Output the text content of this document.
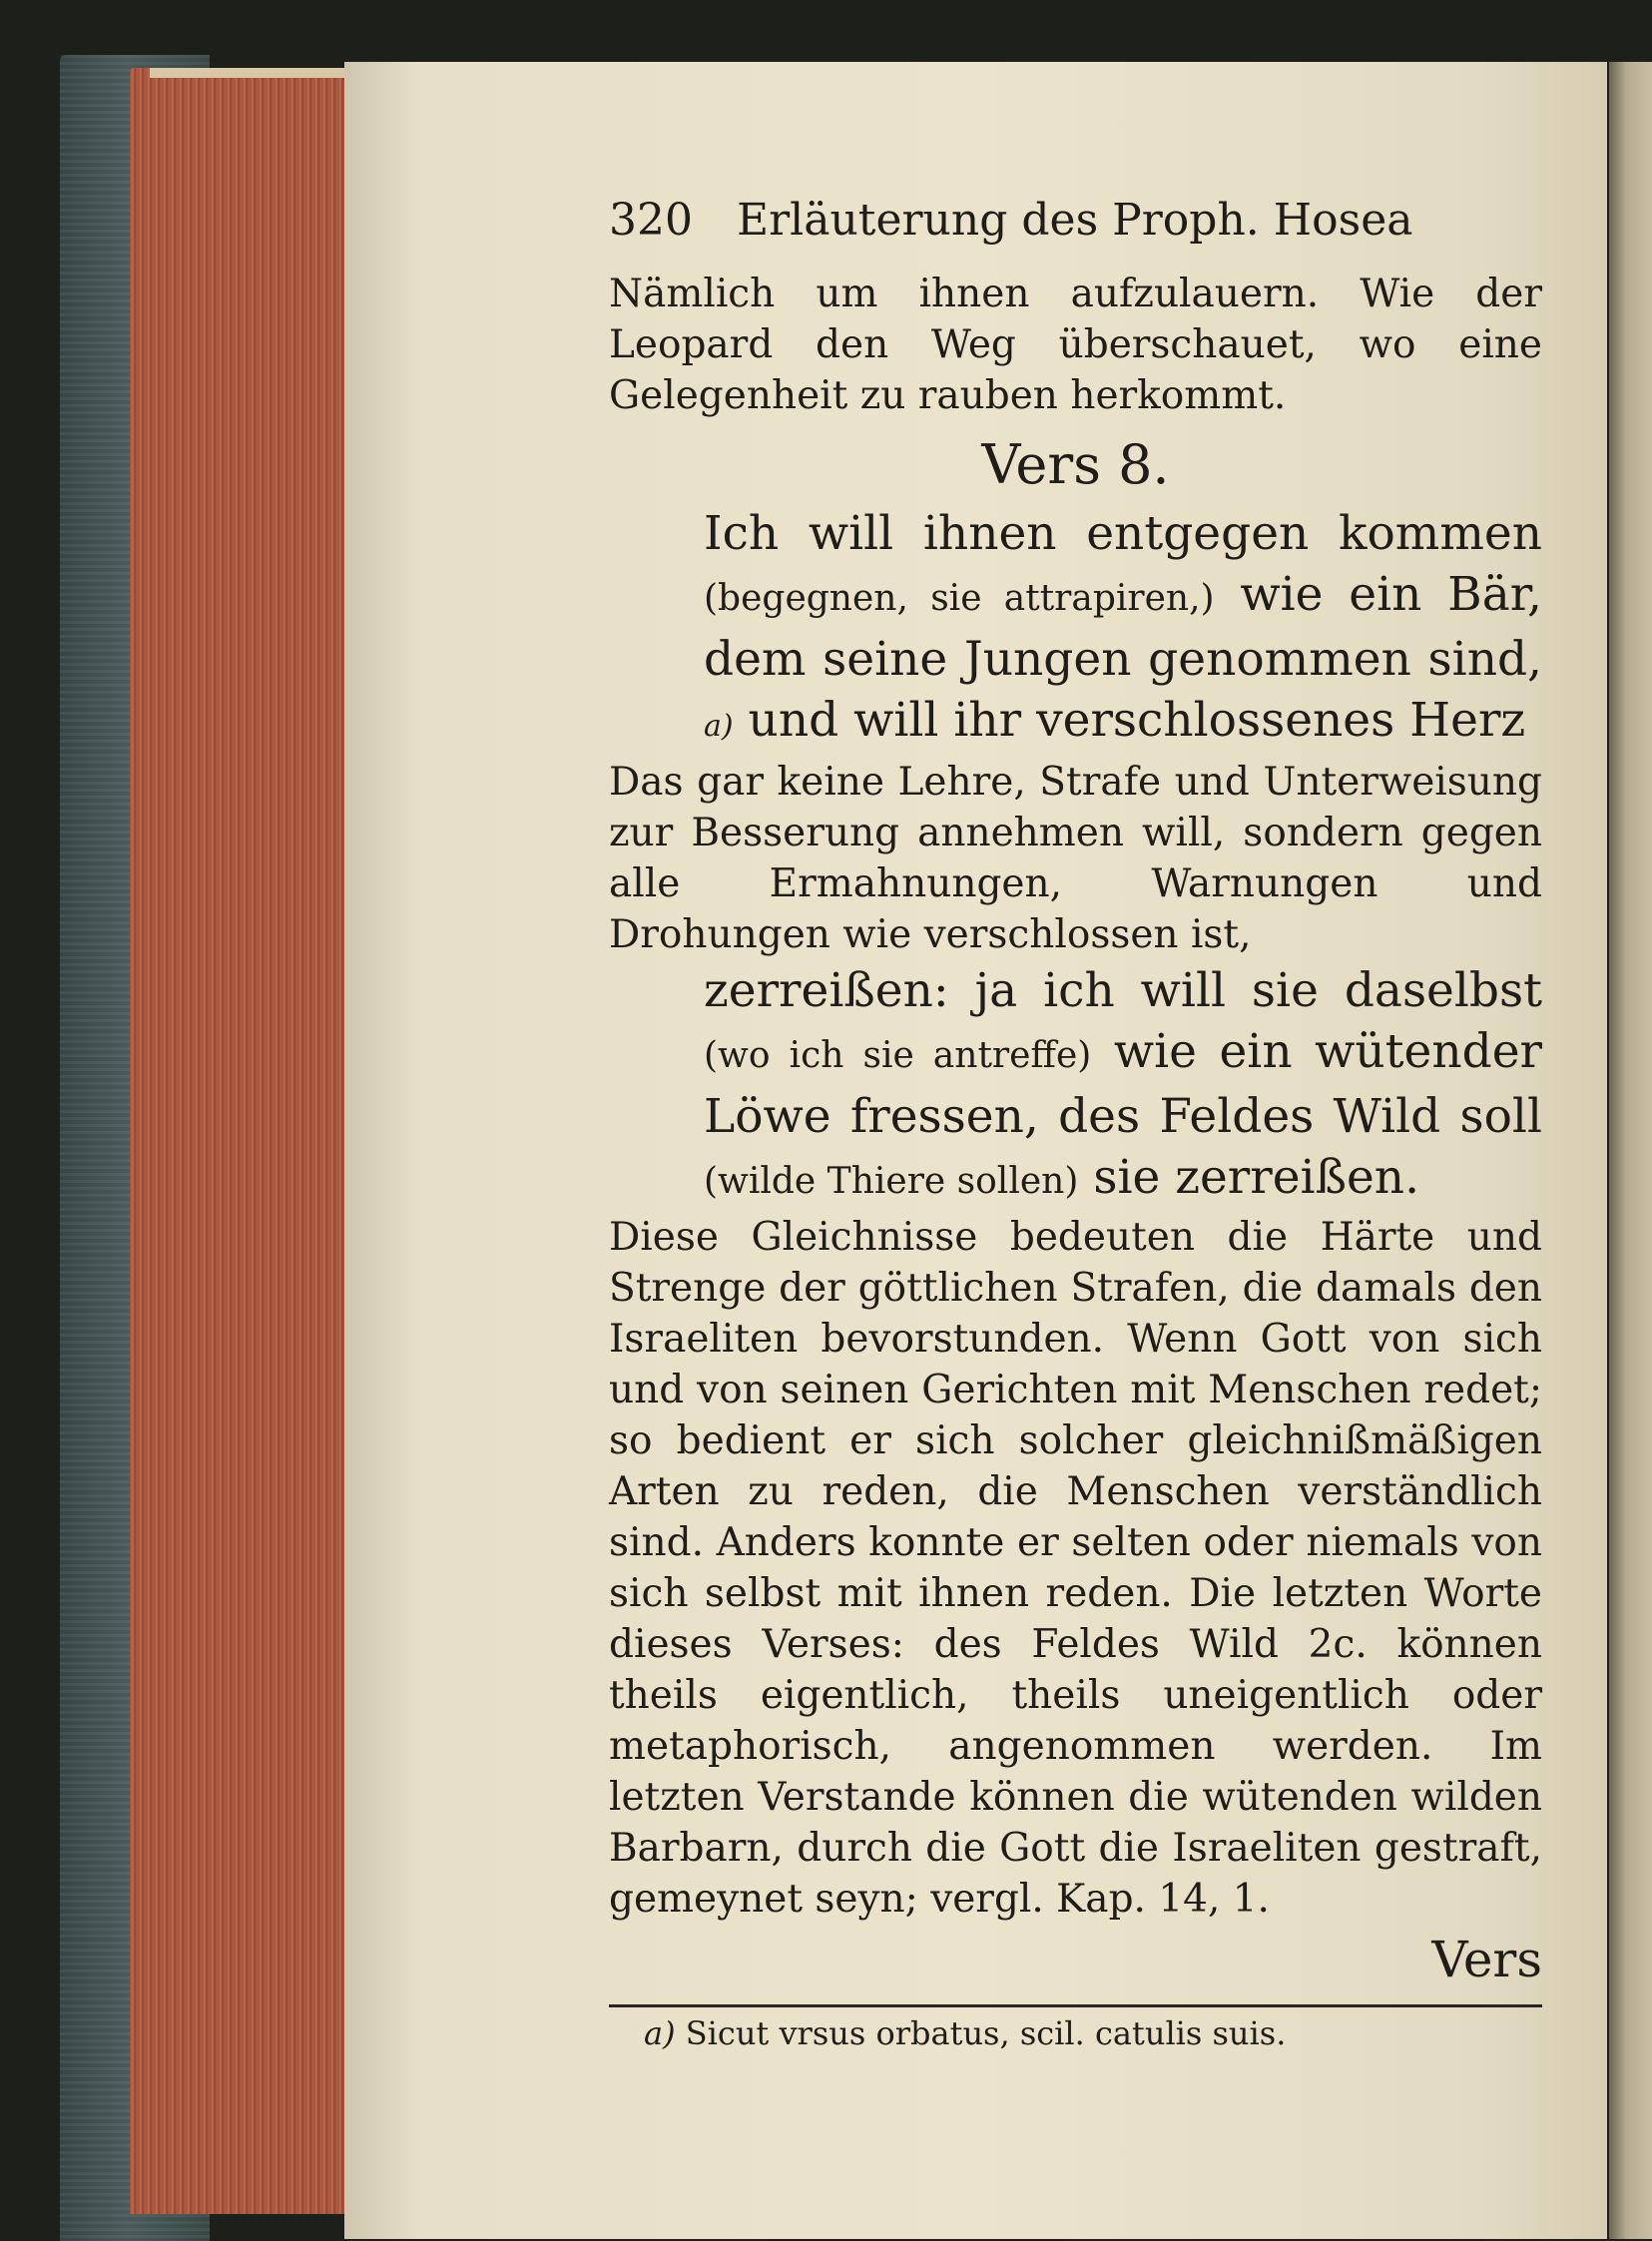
320	Erläuterung des Proph. Hosea

Nämlich um ihnen aufzulauern. Wie der Leopard den Weg überschauet, wo eine Gelegenheit zu rauben herkommt.

Vers 8.

Ich will ihnen entgegen kommen (begegnen, sie attrapiren,) wie ein Bär, dem seine Jungen genommen sind, a) und will ihr verschlossenes Herz

Das gar keine Lehre, Strafe und Unterweisung zur Besserung annehmen will, sondern gegen alle Ermahnungen, Warnungen und Drohungen wie verschlossen ist,

zerreißen: ja ich will sie daselbst (wo ich sie antreffe) wie ein wütender Löwe fressen, des Feldes Wild soll (wilde Thiere sollen) sie zerreißen.

Diese Gleichnisse bedeuten die Härte und Strenge der göttlichen Strafen, die damals den Israeliten bevorstunden. Wenn Gott von sich und von seinen Gerichten mit Menschen redet; so bedient er sich solcher gleichnißmäßigen Arten zu reden, die Menschen verständlich sind. Anders konnte er selten oder niemals von sich selbst mit ihnen reden. Die letzten Worte dieses Verses: des Feldes Wild 2c. können theils eigentlich, theils uneigentlich oder metaphorisch, angenommen werden. Im letzten Verstande können die wütenden wilden Barbarn, durch die Gott die Israeliten gestraft, gemeynet seyn; vergl. Kap. 14, 1.

Vers

a) Sicut vrsus orbatus, scil. catulis suis.
